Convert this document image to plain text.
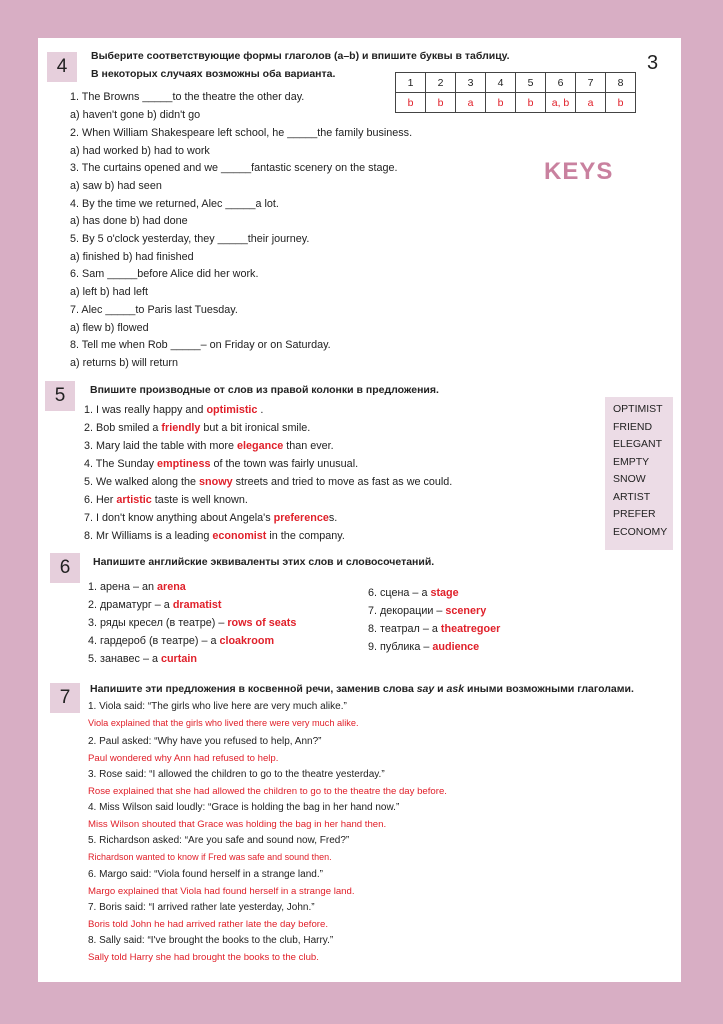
3
4	Выберите соответствующие формы глаголов (a–b) и впишите буквы в таблицу.
В некоторых случаях возможны оба варианта.
1	2	3	4	5	6	7	8
b	b	a	b	b	a, b	a	b
KEYS
1. The Browns _____to the theatre the other day.
a) haven't gone b) didn't go
2. When William Shakespeare left school, he _____the family business.
a) had worked b) had to work
3. The curtains opened and we _____fantastic scenery on the stage.
a) saw b) had seen
4. By the time we returned, Alec _____a lot.
a) has done b) had done
5. By 5 o'clock yesterday, they _____their journey.
a) finished b) had finished
6. Sam _____before Alice did her work.
a) left b) had left
7. Alec _____to Paris last Tuesday.
a) flew b) flowed
8. Tell me when Rob _____– on Friday or on Saturday.
a) returns b) will return
5	Впишите производные от слов из правой колонки в предложения.
1. I was really happy and optimistic .
2. Bob smiled a friendly but a bit ironical smile.
3. Mary laid the table with more elegance than ever.
4. The Sunday emptiness of the town was fairly unusual.
5. We walked along the snowy streets and tried to move as fast as we could.
6. Her artistic taste is well known.
7. I don't know anything about Angela's preferences.
8. Mr Williams is a leading economist in the company.
OPTIMIST
FRIEND
ELEGANT
EMPTY
SNOW
ARTIST
PREFER
ECONOMY
6	Напишите английские эквиваленты этих слов и словосочетаний.
1. арена – an arena
2. драматург – a dramatist
3. ряды кресел (в театре) – rows of seats
4. гардероб (в театре) – a cloakroom
5. занавес – a curtain
6. сцена – a stage
7. декорации – scenery
8. театрал – a theatregoer
9. публика – audience
7	Напишите эти предложения в косвенной речи, заменив слова say и ask иными возможными глаголами.
1. Viola said: “The girls who live here are very much alike.”
Viola explained that the girls who lived there were very much alike.
2. Paul asked: “Why have you refused to help, Ann?”
Paul wondered why Ann had refused to help.
3. Rose said: “I allowed the children to go to the theatre yesterday.”
Rose explained that she had allowed the children to go to the theatre the day before.
4. Miss Wilson said loudly: “Grace is holding the bag in her hand now.”
Miss Wilson shouted that Grace was holding the bag in her hand then.
5. Richardson asked: “Are you safe and sound now, Fred?”
Richardson wanted to know if Fred was safe and sound then.
6. Margo said: “Viola found herself in a strange land.”
Margo explained that Viola had found herself in a strange land.
7. Boris said: “I arrived rather late yesterday, John.”
Boris told John he had arrived rather late the day before.
8. Sally said: “I've brought the books to the club, Harry.”
Sally told Harry she had brought the books to the club.
